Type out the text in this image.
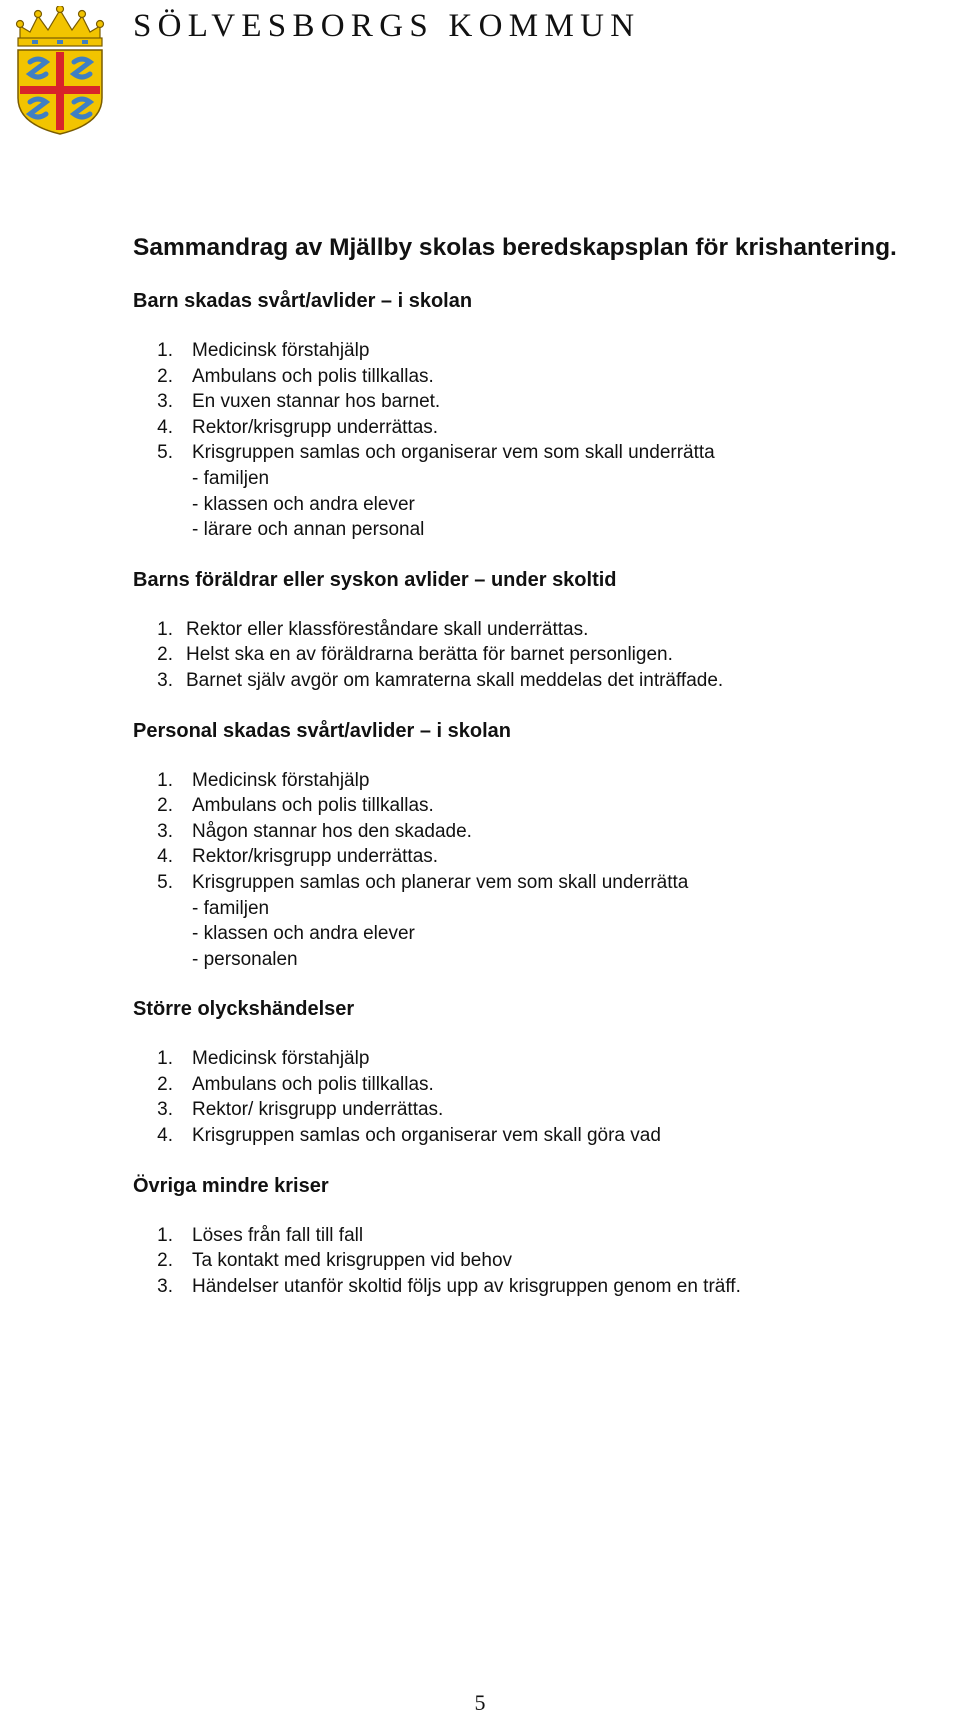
SÖLVESBORGS KOMMUN
Sammandrag av Mjällby skolas beredskapsplan för krishantering.
Barn skadas svårt/avlider – i skolan
1.	Medicinsk förstahjälp
2.	Ambulans och polis tillkallas.
3.	En vuxen stannar hos barnet.
4.	Rektor/krisgrupp underrättas.
5.	Krisgruppen samlas och organiserar vem som skall underrätta
- familjen
- klassen och andra elever
- lärare och annan personal
Barns föräldrar eller syskon avlider – under skoltid
1. Rektor eller klassföreståndare skall underrättas.
2. Helst ska en av föräldrarna berätta för barnet personligen.
3. Barnet själv avgör om kamraterna skall meddelas det inträffade.
Personal skadas svårt/avlider – i skolan
1.	Medicinsk förstahjälp
2.	Ambulans och polis tillkallas.
3.	Någon stannar hos den skadade.
4.	Rektor/krisgrupp underrättas.
5.	Krisgruppen samlas och planerar vem som skall underrätta
- familjen
- klassen och andra elever
- personalen
Större olyckshändelser
1.	Medicinsk förstahjälp
2.	Ambulans och polis tillkallas.
3.	Rektor/ krisgrupp underrättas.
4.	Krisgruppen samlas och organiserar vem skall göra vad
Övriga mindre kriser
1.	Löses från fall till fall
2.	Ta kontakt med krisgruppen vid behov
3.	Händelser utanför skoltid följs upp av krisgruppen genom en träff.
5
